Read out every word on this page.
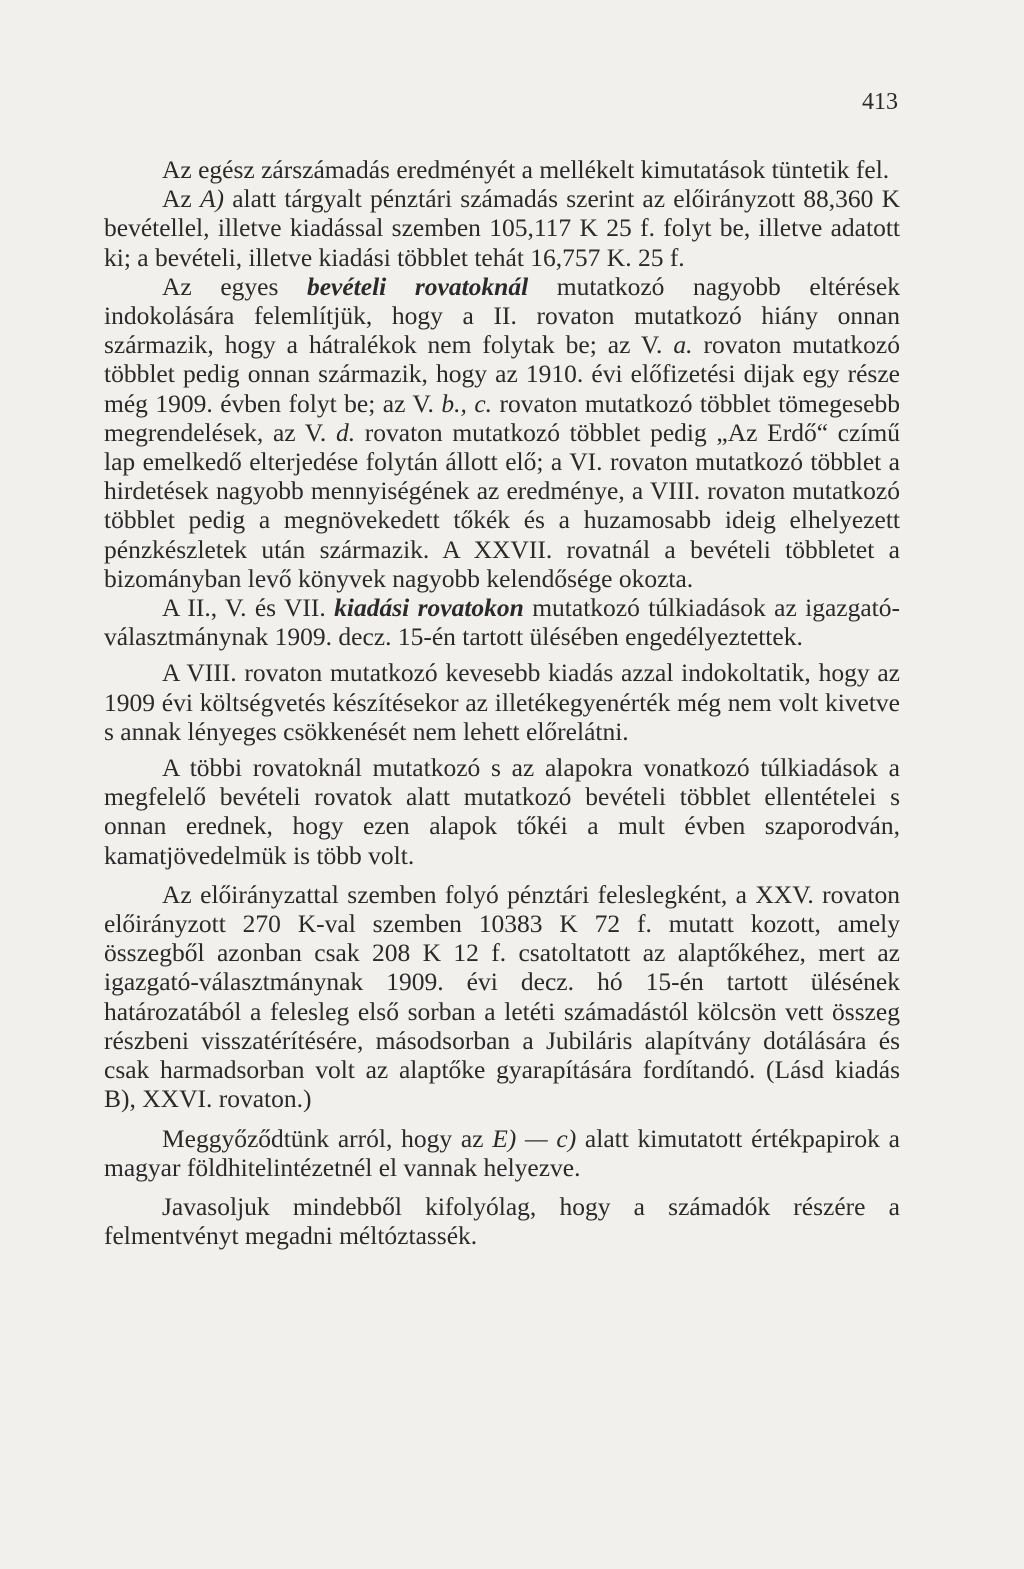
413

Az egész zárszámadás eredményét a mellékelt kimutatások tüntetik fel.

Az A) alatt tárgyalt pénztári számadás szerint az előirányzott 88,360 K bevétellel, illetve kiadással szemben 105,117 K 25 f. folyt be, illetve adatott ki; a bevételi, illetve kiadási többlet tehát 16,757 K. 25 f.

Az egyes bevételi rovatoknál mutatkozó nagyobb eltérések indokolására felemlítjük, hogy a II. rovaton mutatkozó hiány onnan származik, hogy a hátralékok nem folytak be; az V. a. rovaton mutatkozó többlet pedig onnan származik, hogy az 1910. évi előfizetési dijak egy része még 1909. évben folyt be; az V. b., c. rovaton mutatkozó többlet tömegesebb megrendelések, az V. d. rovaton mutatkozó többlet pedig „Az Erdő“ czímű lap emelkedő elterjedése folytán állott elő; a VI. rovaton mutatkozó többlet a hirdetések nagyobb mennyiségének az eredménye, a VIII. rovaton mutatkozó többlet pedig a megnövekedett tőkék és a huzamosabb ideig elhelyezett pénzkészletek után származik. A XXVII. rovatnál a bevételi többletet a bizományban levő könyvek nagyobb kelendősége okozta.

A II., V. és VII. kiadási rovatokon mutatkozó túlkiadások az igazgató-választmánynak 1909. decz. 15-én tartott ülésében engedélyeztettek.

A VIII. rovaton mutatkozó kevesebb kiadás azzal indokoltatik, hogy az 1909 évi költségvetés készítésekor az illetékegyenérték még nem volt kivetve s annak lényeges csökkenését nem lehett előrelátni.

A többi rovatoknál mutatkozó s az alapokra vonatkozó túlkiadások a megfelelő bevételi rovatok alatt mutatkozó bevételi többlet ellentételei s onnan erednek, hogy ezen alapok tőkéi a mult évben szaporodván, kamatjövedelmük is több volt.

Az előirányzattal szemben folyó pénztári feleslegként, a XXV. rovaton előirányzott 270 K-val szemben 10383 K 72 f. mutatt kozott, amely összegből azonban csak 208 K 12 f. csatoltatott az alaptőkéhez, mert az igazgató-választmánynak 1909. évi decz. hó 15-én tartott ülésének határozatából a felesleg első sorban a letéti számadástól kölcsön vett összeg részbeni visszatérítésére, másodsorban a Jubiláris alapítvány dotálására és csak harmadsorban volt az alaptőke gyarapítására fordítandó. (Lásd kiadás B), XXVI. rovaton.)

Meggyőződtünk arról, hogy az E) — c) alatt kimutatott értékpapirok a magyar földhitelintézetnél el vannak helyezve.

Javasoljuk mindebből kifolyólag, hogy a számadók részére a felmentvényt megadni méltóztassék.
